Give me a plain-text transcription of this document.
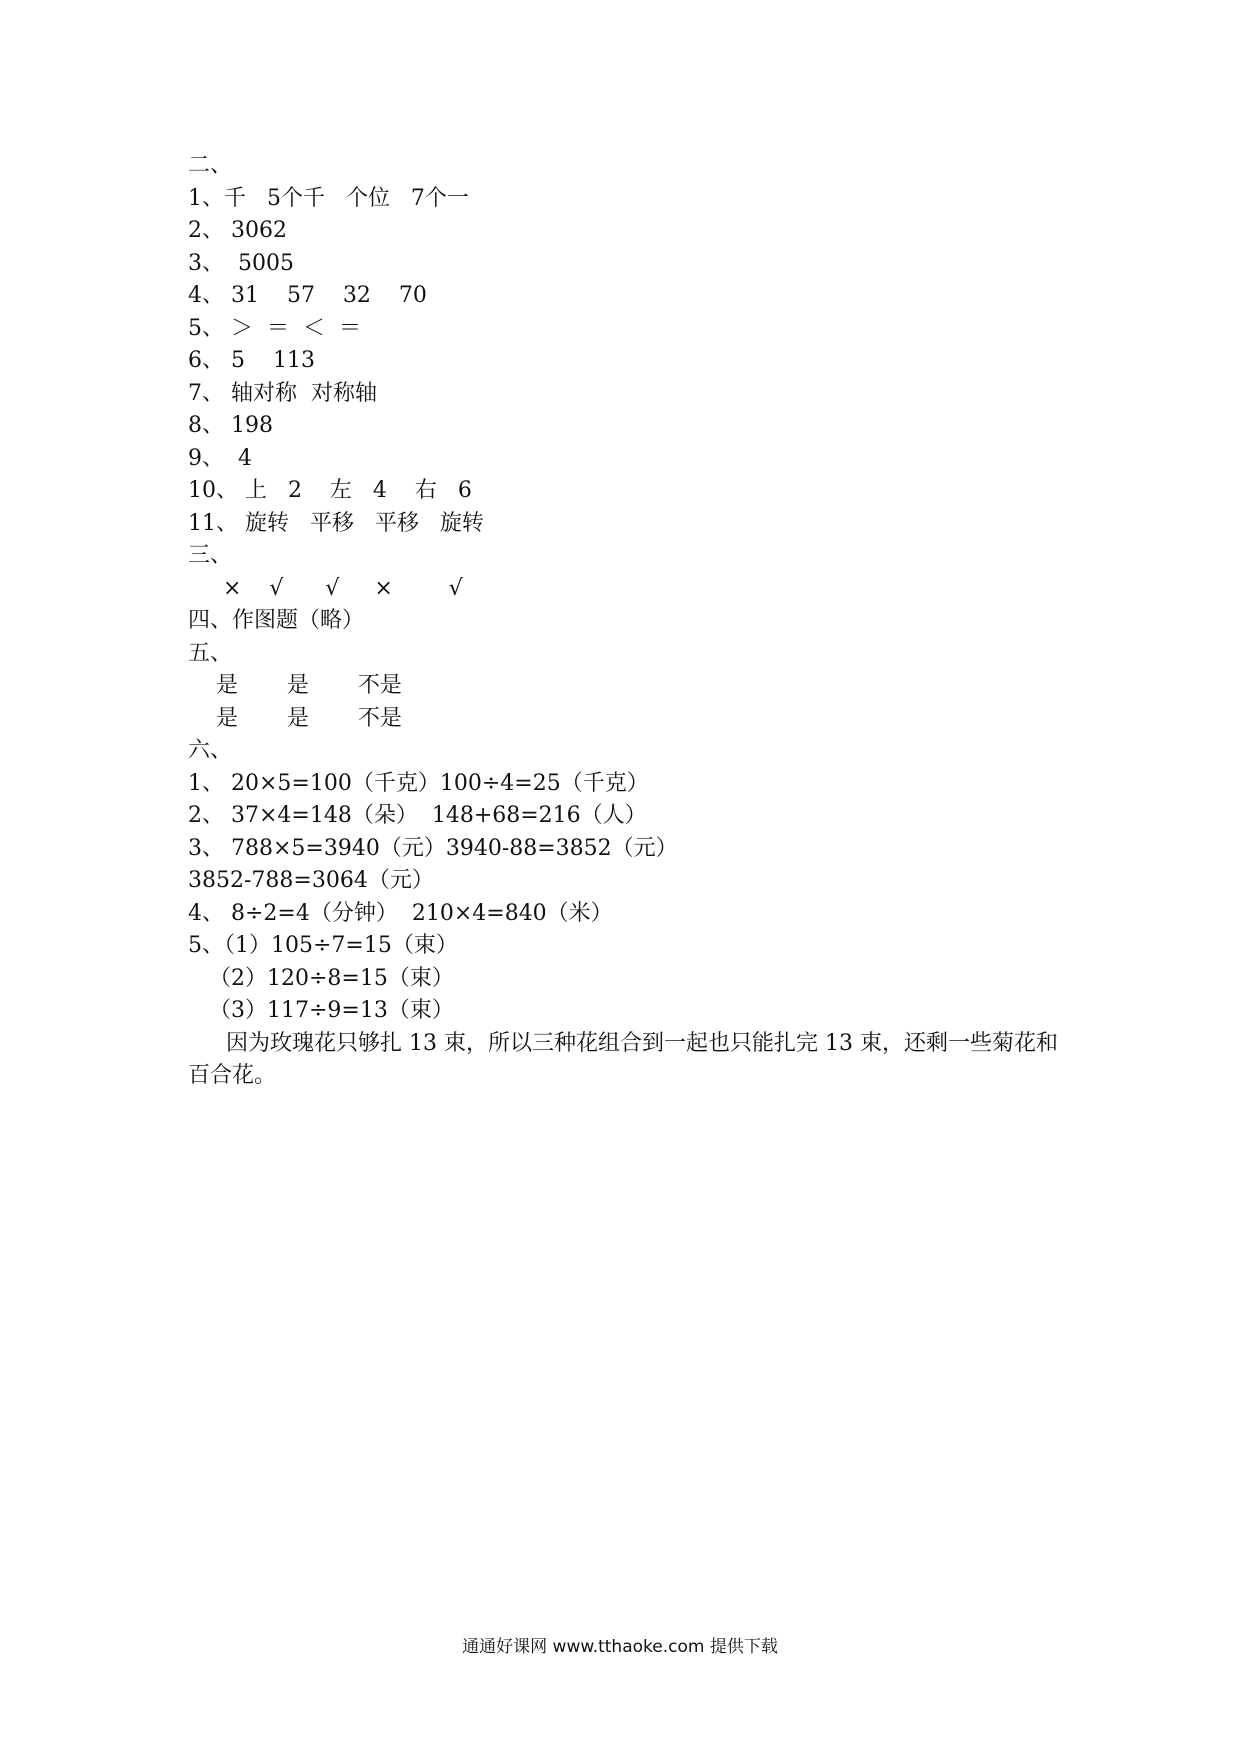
二、
1、千   5个千   个位   7个一
2、 3062
3、  5005
4、 31    57    32    70
5、 ＞  ＝  ＜  ＝
6、 5    113
7、 轴对称  对称轴
8、 198
9、  4
10、 上   2    左   4    右   6
11、 旋转   平移   平移   旋转
三、
×    √      √     ×        √
四、作图题（略）
五、
是       是       不是
是       是       不是
六、
1、 20×5=100（千克）100÷4=25（千克）
2、 37×4=148（朵）  148+68=216（人）
3、 788×5=3940（元）3940-88=3852（元）
3852-788=3064（元）
4、 8÷2=4（分钟）  210×4=840（米）
5、（1）105÷7=15（束）
（2）120÷8=15（束）
（3）117÷9=13（束）
因为玫瑰花只够扎 13 束，所以三种花组合到一起也只能扎完 13 束，还剩一些菊花和百合花。
通通好课网 www.tthaoke.com 提供下载
